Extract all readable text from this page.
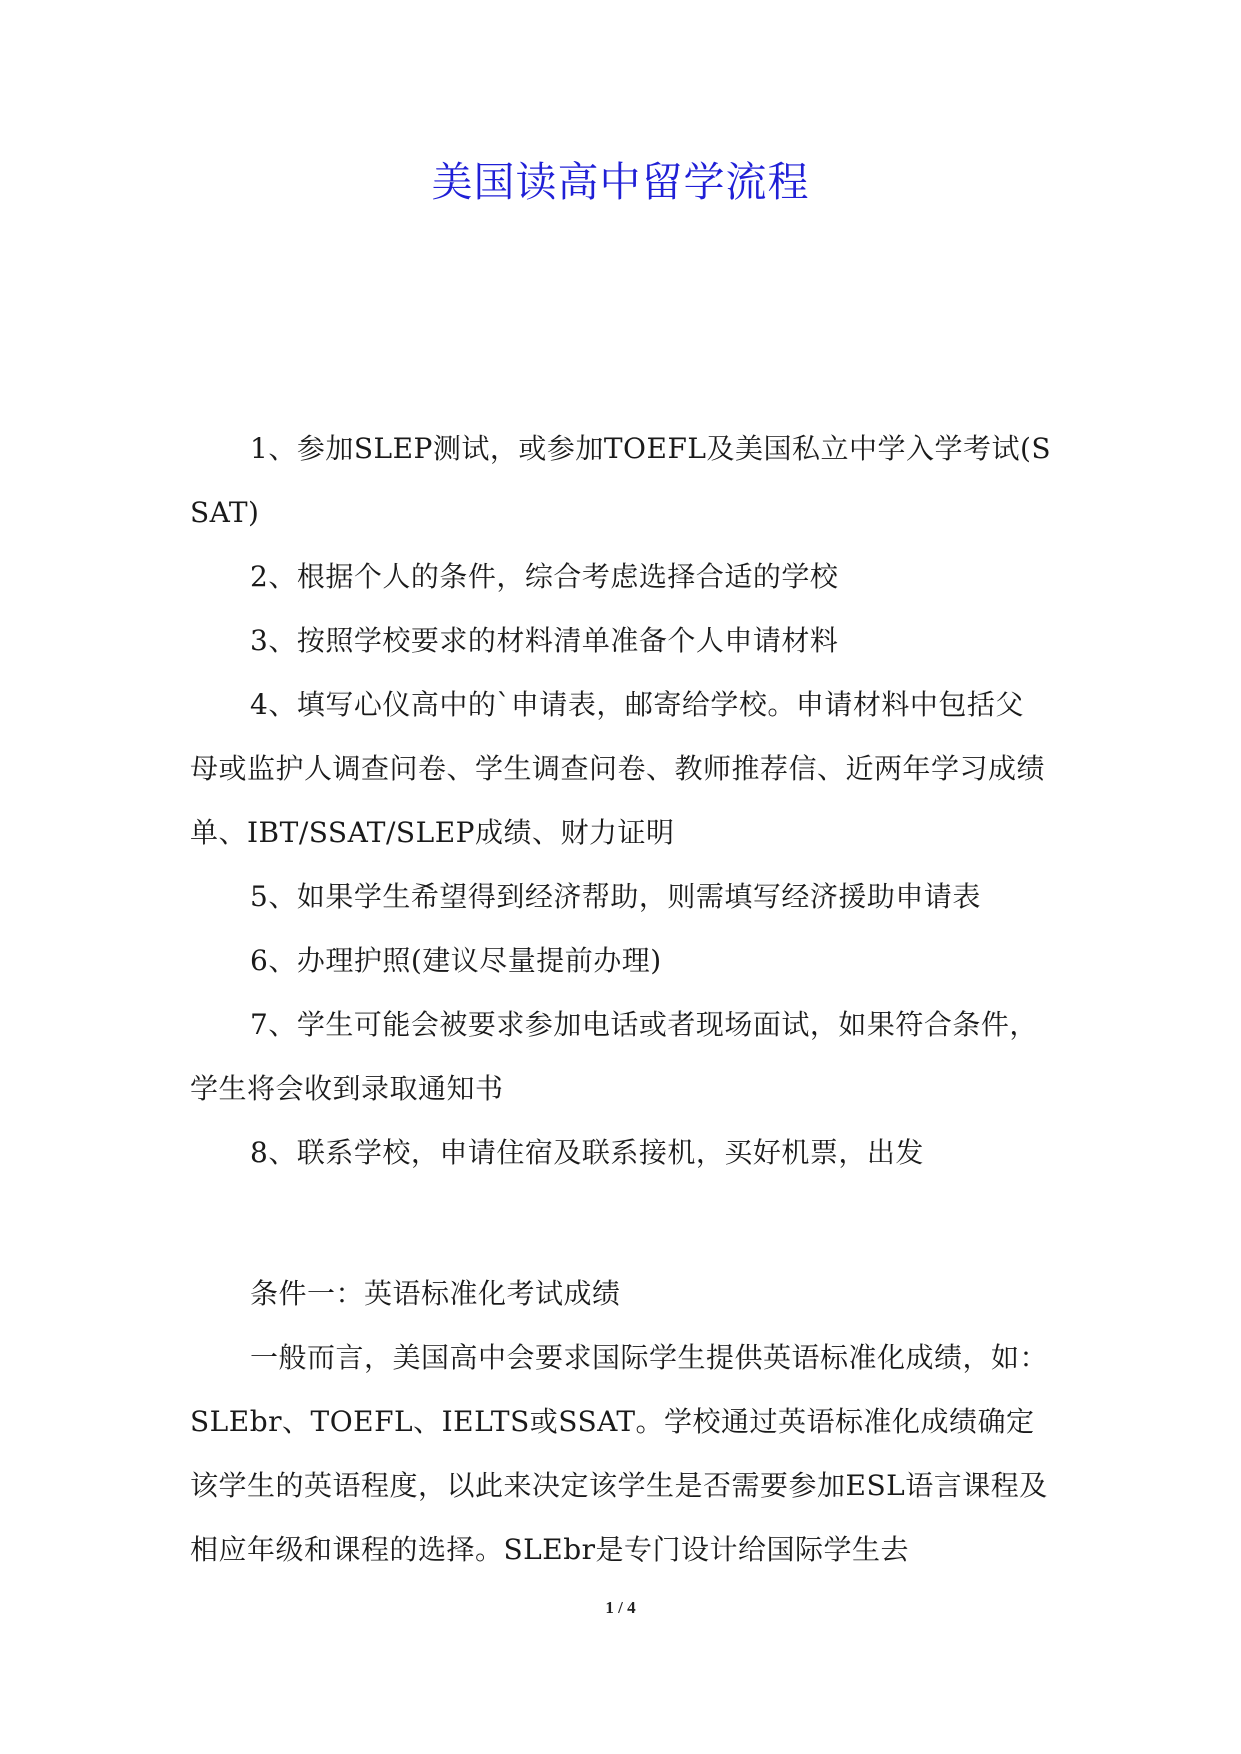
美国读高中留学流程

1、参加SLEP测试，或参加TOEFL及美国私立中学入学考试(SSAT)

2、根据个人的条件，综合考虑选择合适的学校

3、按照学校要求的材料清单准备个人申请材料

4、填写心仪高中的`申请表，邮寄给学校。申请材料中包括父母或监护人调查问卷、学生调查问卷、教师推荐信、近两年学习成绩单、IBT/SSAT/SLEP成绩、财力证明

5、如果学生希望得到经济帮助，则需填写经济援助申请表

6、办理护照(建议尽量提前办理)

7、学生可能会被要求参加电话或者现场面试，如果符合条件，学生将会收到录取通知书

8、联系学校，申请住宿及联系接机，买好机票，出发

条件一：英语标准化考试成绩

一般而言，美国高中会要求国际学生提供英语标准化成绩，如：SLEbr、TOEFL、IELTS或SSAT。学校通过英语标准化成绩确定该学生的英语程度，以此来决定该学生是否需要参加ESL语言课程及相应年级和课程的选择。SLEbr是专门设计给国际学生去

1 / 4
